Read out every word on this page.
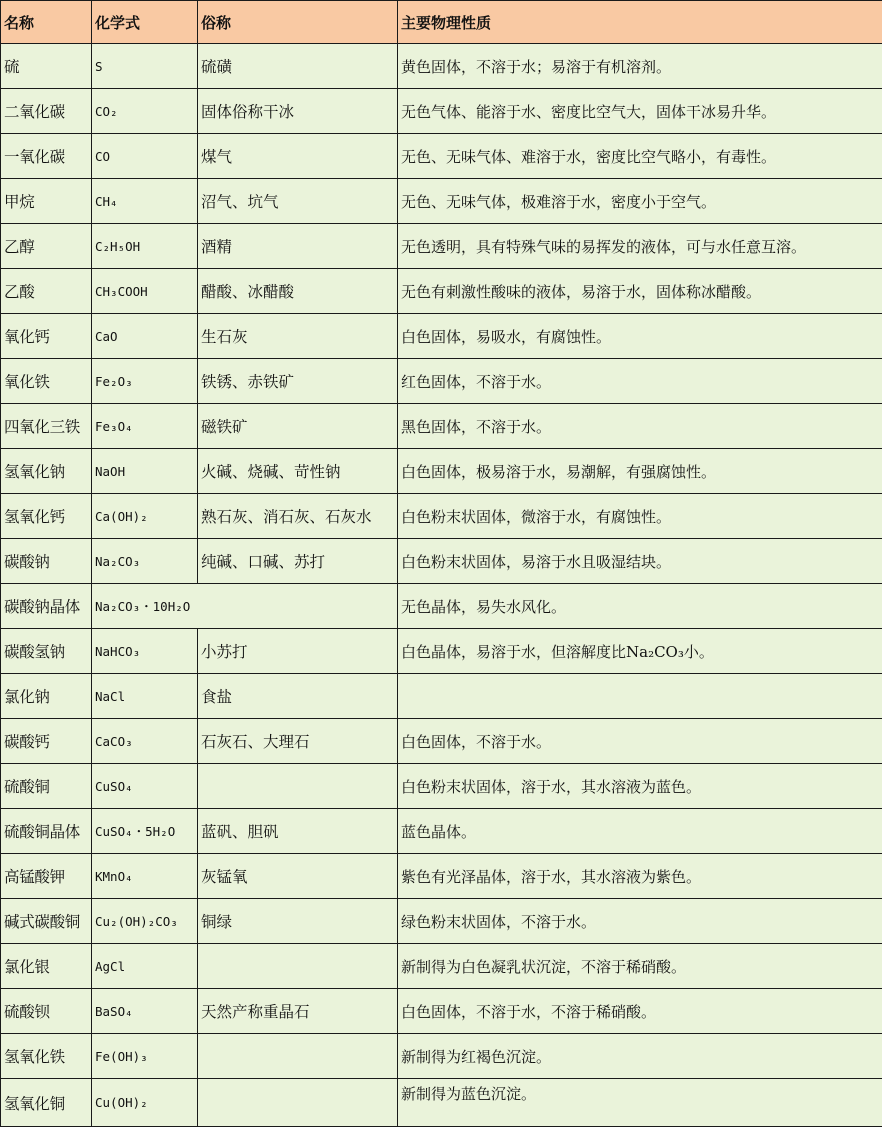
名称	化学式	俗称	主要物理性质
硫	S	硫磺	黄色固体，不溶于水；易溶于有机溶剂。
二氧化碳	CO₂	固体俗称干冰	无色气体、能溶于水、密度比空气大，固体干冰易升华。
一氧化碳	CO	煤气	无色、无味气体、难溶于水，密度比空气略小，有毒性。
甲烷	CH₄	沼气、坑气	无色、无味气体，极难溶于水，密度小于空气。
乙醇	C₂H₅OH	酒精	无色透明，具有特殊气味的易挥发的液体，可与水任意互溶。
乙酸	CH₃COOH	醋酸、冰醋酸	无色有刺激性酸味的液体，易溶于水，固体称冰醋酸。
氧化钙	CaO	生石灰	白色固体，易吸水，有腐蚀性。
氧化铁	Fe₂O₃	铁锈、赤铁矿	红色固体，不溶于水。
四氧化三铁	Fe₃O₄	磁铁矿	黑色固体，不溶于水。
氢氧化钠	NaOH	火碱、烧碱、苛性钠	白色固体，极易溶于水，易潮解，有强腐蚀性。
氢氧化钙	Ca(OH)₂	熟石灰、消石灰、石灰水	白色粉末状固体，微溶于水，有腐蚀性。
碳酸钠	Na₂CO₃	纯碱、口碱、苏打	白色粉末状固体，易溶于水且吸湿结块。
碳酸钠晶体	Na₂CO₃・10H₂O		无色晶体，易失水风化。
碳酸氢钠	NaHCO₃	小苏打	白色晶体，易溶于水，但溶解度比Na₂CO₃小。
氯化钠	NaCl	食盐	
碳酸钙	CaCO₃	石灰石、大理石	白色固体，不溶于水。
硫酸铜	CuSO₄		白色粉末状固体，溶于水，其水溶液为蓝色。
硫酸铜晶体	CuSO₄・5H₂O	蓝矾、胆矾	蓝色晶体。
高锰酸钾	KMnO₄	灰锰氧	紫色有光泽晶体，溶于水，其水溶液为紫色。
碱式碳酸铜	Cu₂(OH)₂CO₃	铜绿	绿色粉末状固体，不溶于水。
氯化银	AgCl		新制得为白色凝乳状沉淀，不溶于稀硝酸。
硫酸钡	BaSO₄	天然产称重晶石	白色固体，不溶于水，不溶于稀硝酸。
氢氧化铁	Fe(OH)₃		新制得为红褐色沉淀。
氢氧化铜	Cu(OH)₂		新制得为蓝色沉淀。
